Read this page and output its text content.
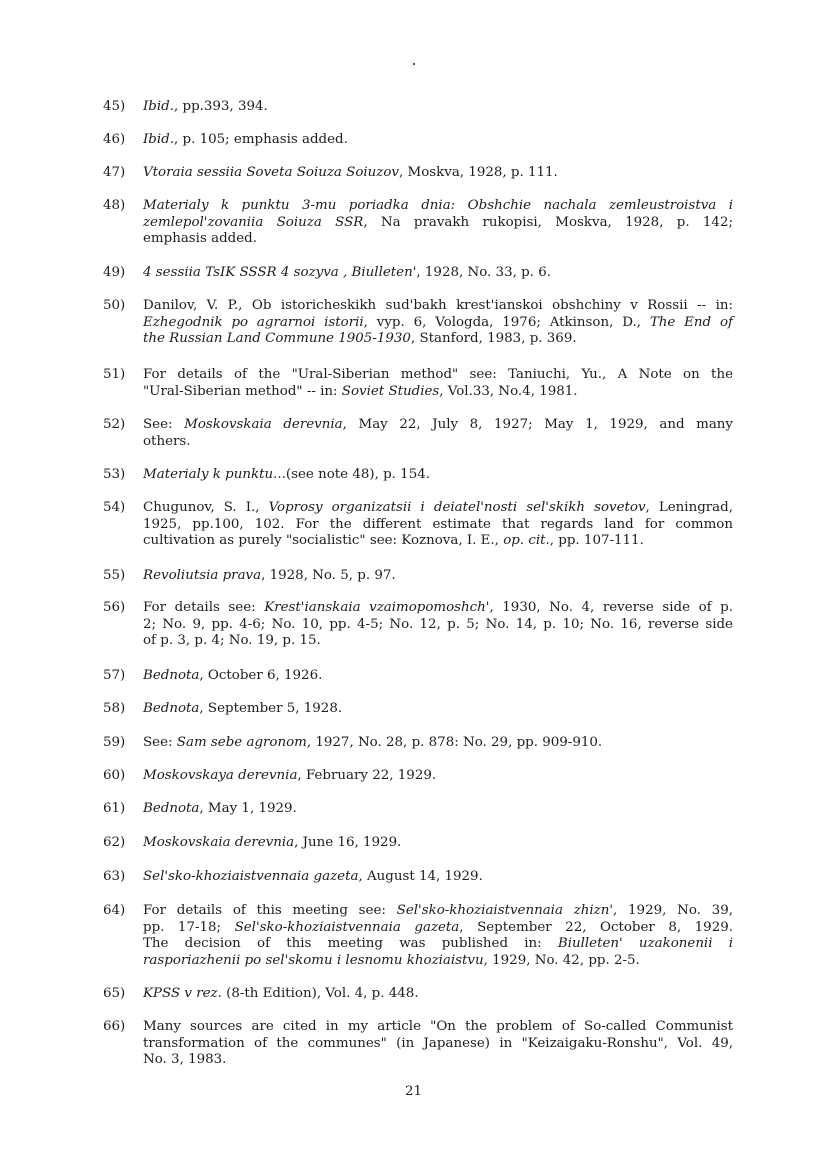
45)	Ibid., pp.393, 394.
46)	Ibid., p. 105; emphasis added.
47)	Vtoraia sessiia Soveta Soiuza Soiuzov, Moskva, 1928, p. 111.
48)	Materialy k punktu 3-mu poriadka dnia: Obshchie nachala zemleustroistva i
zemlepol'zovaniia Soiuza SSR, Na pravakh rukopisi, Moskva, 1928, p. 142;
emphasis added.
49)	4 sessiia TsIK SSSR 4 sozyva , Biulleten', 1928, No. 33, p. 6.
50)	Danilov, V. P., Ob istoricheskikh sud'bakh krest'ianskoi obshchiny v Rossii -- in:
Ezhegodnik po agrarnoi istorii, vyp. 6, Vologda, 1976; Atkinson, D., The End of
the Russian Land Commune 1905-1930, Stanford, 1983, p. 369.
51)	For details of the "Ural-Siberian method" see: Taniuchi, Yu., A Note on the
"Ural-Siberian method" -- in: Soviet Studies, Vol.33, No.4, 1981.
52)	See: Moskovskaia derevnia, May 22, July 8, 1927; May 1, 1929, and many
others.
53)	Materialy k punktu...(see note 48), p. 154.
54)	Chugunov, S. I., Voprosy organizatsii i deiatel'nosti sel'skikh sovetov, Leningrad,
1925, pp.100, 102. For the different estimate that regards land for common
cultivation as purely "socialistic" see: Koznova, I. E., op. cit., pp. 107-111.
55)	Revoliutsia prava, 1928, No. 5, p. 97.
56)	For details see: Krest'ianskaia vzaimopomoshch', 1930, No. 4, reverse side of p.
2; No. 9, pp. 4-6; No. 10, pp. 4-5; No. 12, p. 5; No. 14, p. 10; No. 16, reverse side
of p. 3, p. 4; No. 19, p. 15.
57)	Bednota, October 6, 1926.
58)	Bednota, September 5, 1928.
59)	See: Sam sebe agronom, 1927, No. 28, p. 878: No. 29, pp. 909-910.
60)	Moskovskaya derevnia, February 22, 1929.
61)	Bednota, May 1, 1929.
62)	Moskovskaia derevnia, June 16, 1929.
63)	Sel'sko-khoziaistvennaia gazeta, August 14, 1929.
64)	For details of this meeting see: Sel'sko-khoziaistvennaia zhizn', 1929, No. 39,
pp. 17-18; Sel'sko-khoziaistvennaia gazeta, September 22, October 8, 1929.
The decision of this meeting was published in: Biulleten' uzakonenii i
rasporiazhenii po sel'skomu i lesnomu khoziaistvu, 1929, No. 42, pp. 2-5.
65)	KPSS v rez. (8-th Edition), Vol. 4, p. 448.
66)	Many sources are cited in my article "On the problem of So-called Communist
transformation of the communes" (in Japanese) in "Keizaigaku-Ronshu", Vol. 49,
No. 3, 1983.
21
